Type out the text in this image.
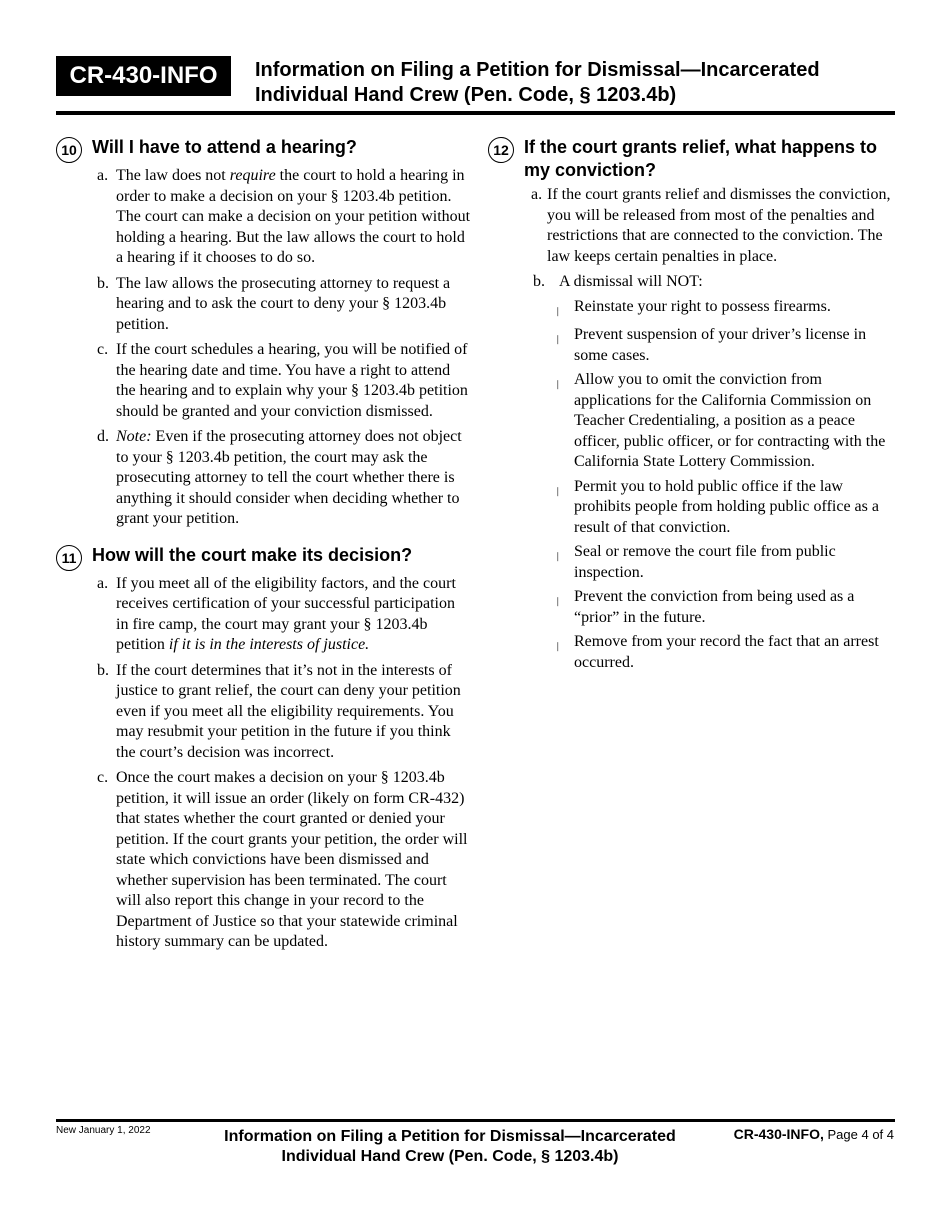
CR-430-INFO	Information on Filing a Petition for Dismissal—Incarcerated
Individual Hand Crew (Pen. Code, § 1203.4b)
10 Will I have to attend a hearing?
a. The law does not require the court to hold a hearing in order to make a decision on your § 1203.4b petition. The court can make a decision on your petition without holding a hearing. But the law allows the court to hold a hearing if it chooses to do so.
b. The law allows the prosecuting attorney to request a hearing and to ask the court to deny your § 1203.4b petition.
c. If the court schedules a hearing, you will be notified of the hearing date and time. You have a right to attend the hearing and to explain why your § 1203.4b petition should be granted and your conviction dismissed.
d. Note: Even if the prosecuting attorney does not object to your § 1203.4b petition, the court may ask the prosecuting attorney to tell the court whether there is anything it should consider when deciding whether to grant your petition.
11 How will the court make its decision?
a. If you meet all of the eligibility factors, and the court receives certification of your successful participation in fire camp, the court may grant your § 1203.4b petition if it is in the interests of justice.
b. If the court determines that it’s not in the interests of justice to grant relief, the court can deny your petition even if you meet all the eligibility requirements. You may resubmit your petition in the future if you think the court’s decision was incorrect.
c. Once the court makes a decision on your § 1203.4b petition, it will issue an order (likely on form CR-432) that states whether the court granted or denied your petition. If the court grants your petition, the order will state which convictions have been dismissed and whether supervision has been terminated. The court will also report this change in your record to the Department of Justice so that your statewide criminal history summary can be updated.
12 If the court grants relief, what happens to my conviction?
a. If the court grants relief and dismisses the conviction, you will be released from most of the penalties and restrictions that are connected to the conviction. The law keeps certain penalties in place.
b. A dismissal will NOT:
❘ Reinstate your right to possess firearms.
❘ Prevent suspension of your driver’s license in some cases.
❘ Allow you to omit the conviction from applications for the California Commission on Teacher Credentialing, a position as a peace officer, public officer, or for contracting with the California State Lottery Commission.
❘ Permit you to hold public office if the law prohibits people from holding public office as a result of that conviction.
❘ Seal or remove the court file from public inspection.
❘ Prevent the conviction from being used as a “prior” in the future.
❘ Remove from your record the fact that an arrest occurred.
New January 1, 2022	Information on Filing a Petition for Dismissal—Incarcerated
Individual Hand Crew (Pen. Code, § 1203.4b)
CR-430-INFO, Page 4 of 4
